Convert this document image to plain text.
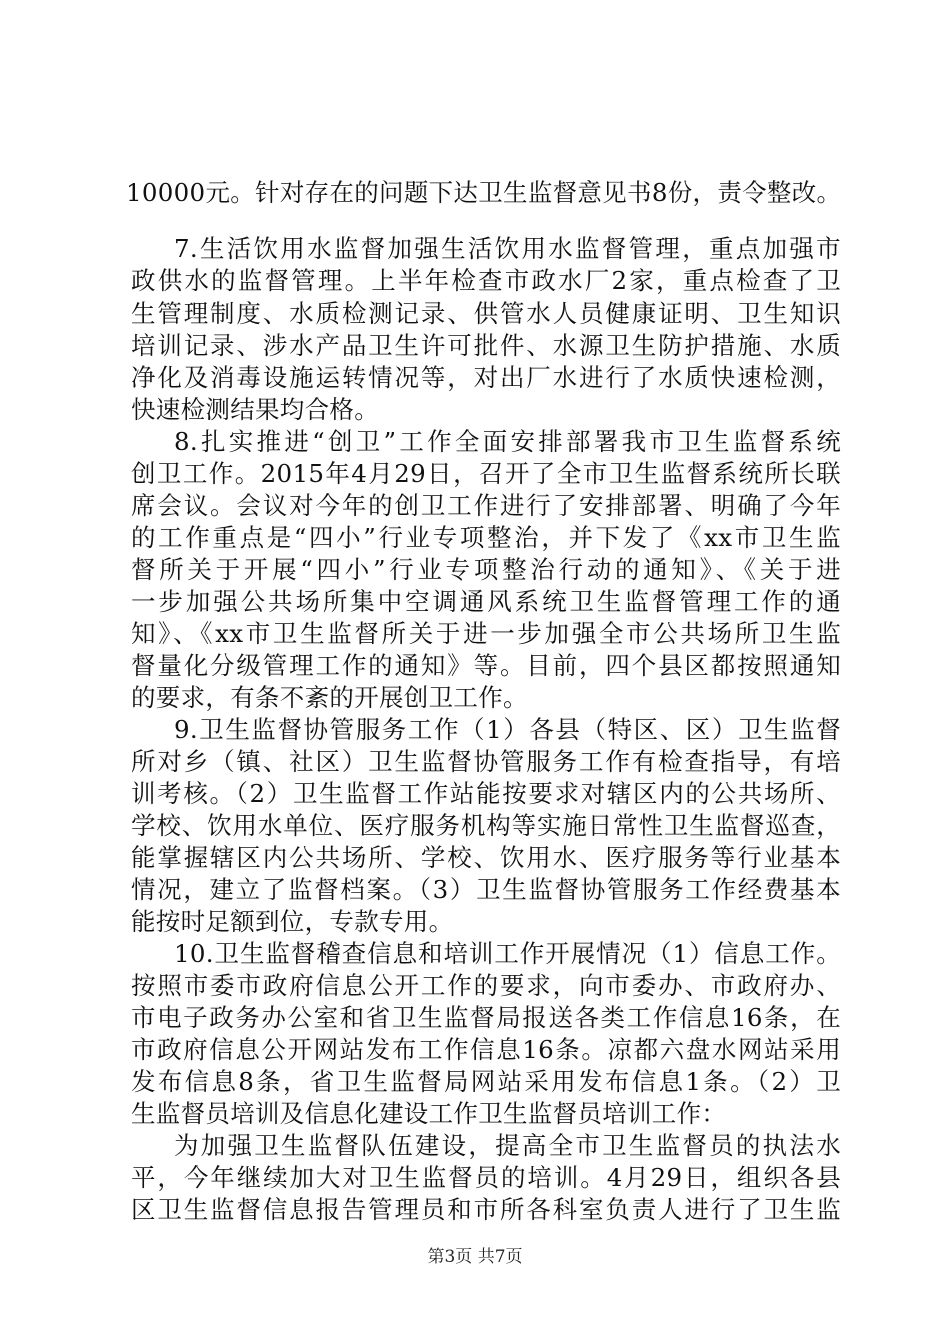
10000元。针对存在的问题下达卫生监督意见书8份，责令整改。
7.生活饮用水监督加强生活饮用水监督管理，重点加强市
政供水的监督管理。上半年检查市政水厂2家，重点检查了卫
生管理制度、水质检测记录、供管水人员健康证明、卫生知识
培训记录、涉水产品卫生许可批件、水源卫生防护措施、水质
净化及消毒设施运转情况等，对出厂水进行了水质快速检测，
快速检测结果均合格。
8.扎实推进“创卫”工作全面安排部署我市卫生监督系统
创卫工作。2015年4月29日，召开了全市卫生监督系统所长联
席会议。会议对今年的创卫工作进行了安排部署、明确了今年
的工作重点是“四小”行业专项整治，并下发了《xx市卫生监
督所关于开展“四小”行业专项整治行动的通知》、《关于进
一步加强公共场所集中空调通风系统卫生监督管理工作的通
知》、《xx市卫生监督所关于进一步加强全市公共场所卫生监
督量化分级管理工作的通知》等。目前，四个县区都按照通知
的要求，有条不紊的开展创卫工作。
9.卫生监督协管服务工作（1）各县（特区、区）卫生监督
所对乡（镇、社区）卫生监督协管服务工作有检查指导，有培
训考核。（2）卫生监督工作站能按要求对辖区内的公共场所、
学校、饮用水单位、医疗服务机构等实施日常性卫生监督巡查，
能掌握辖区内公共场所、学校、饮用水、医疗服务等行业基本
情况，建立了监督档案。（3）卫生监督协管服务工作经费基本
能按时足额到位，专款专用。
10.卫生监督稽查信息和培训工作开展情况（1）信息工作。
按照市委市政府信息公开工作的要求，向市委办、市政府办、
市电子政务办公室和省卫生监督局报送各类工作信息16条，在
市政府信息公开网站发布工作信息16条。凉都六盘水网站采用
发布信息8条，省卫生监督局网站采用发布信息1条。（2）卫
生监督员培训及信息化建设工作卫生监督员培训工作：
为加强卫生监督队伍建设，提高全市卫生监督员的执法水
平，今年继续加大对卫生监督员的培训。4月29日，组织各县
区卫生监督信息报告管理员和市所各科室负责人进行了卫生监
第3页 共7页
